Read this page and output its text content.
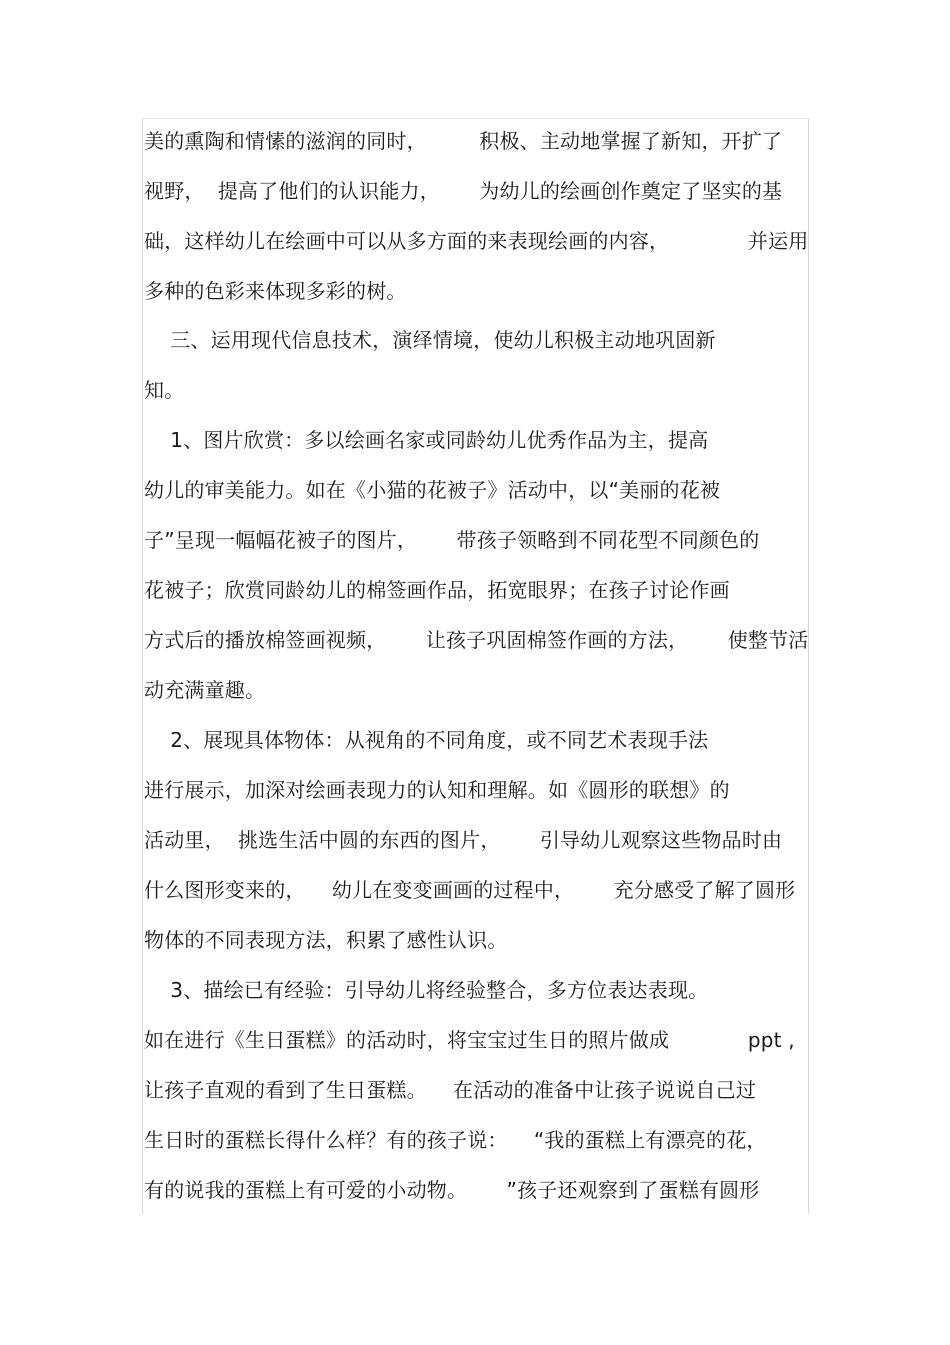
美的熏陶和情愫的滋润的同时，        积极、主动地掌握了新知，开扩了
视野，  提高了他们的认识能力，      为幼儿的绘画创作奠定了坚实的基
础，这样幼儿在绘画中可以从多方面的来表现绘画的内容，            并运用
多种的色彩来体现多彩的树。
三、运用现代信息技术，演绎情境，使幼儿积极主动地巩固新
知。
1、图片欣赏：多以绘画名家或同龄幼儿优秀作品为主，提高
幼儿的审美能力。如在《小猫的花被子》活动中，以“美丽的花被
子”呈现一幅幅花被子的图片，      带孩子领略到不同花型不同颜色的
花被子；欣赏同龄幼儿的棉签画作品，拓宽眼界；在孩子讨论作画
方式后的播放棉签画视频，      让孩子巩固棉签作画的方法，      使整节活
动充满童趣。
2、展现具体物体：从视角的不同角度，或不同艺术表现手法
进行展示，加深对绘画表现力的认知和理解。如《圆形的联想》的
活动里，  挑选生活中圆的东西的图片，      引导幼儿观察这些物品时由
什么图形变来的，    幼儿在变变画画的过程中，      充分感受了解了圆形
物体的不同表现方法，积累了感性认识。
3、描绘已有经验：引导幼儿将经验整合，多方位表达表现。
如在进行《生日蛋糕》的活动时，将宝宝过生日的照片做成            ppt ,
让孩子直观的看到了生日蛋糕。    在活动的准备中让孩子说说自己过
生日时的蛋糕长得什么样？有的孩子说：    “我的蛋糕上有漂亮的花，
有的说我的蛋糕上有可爱的小动物。      ”孩子还观察到了蛋糕有圆形
